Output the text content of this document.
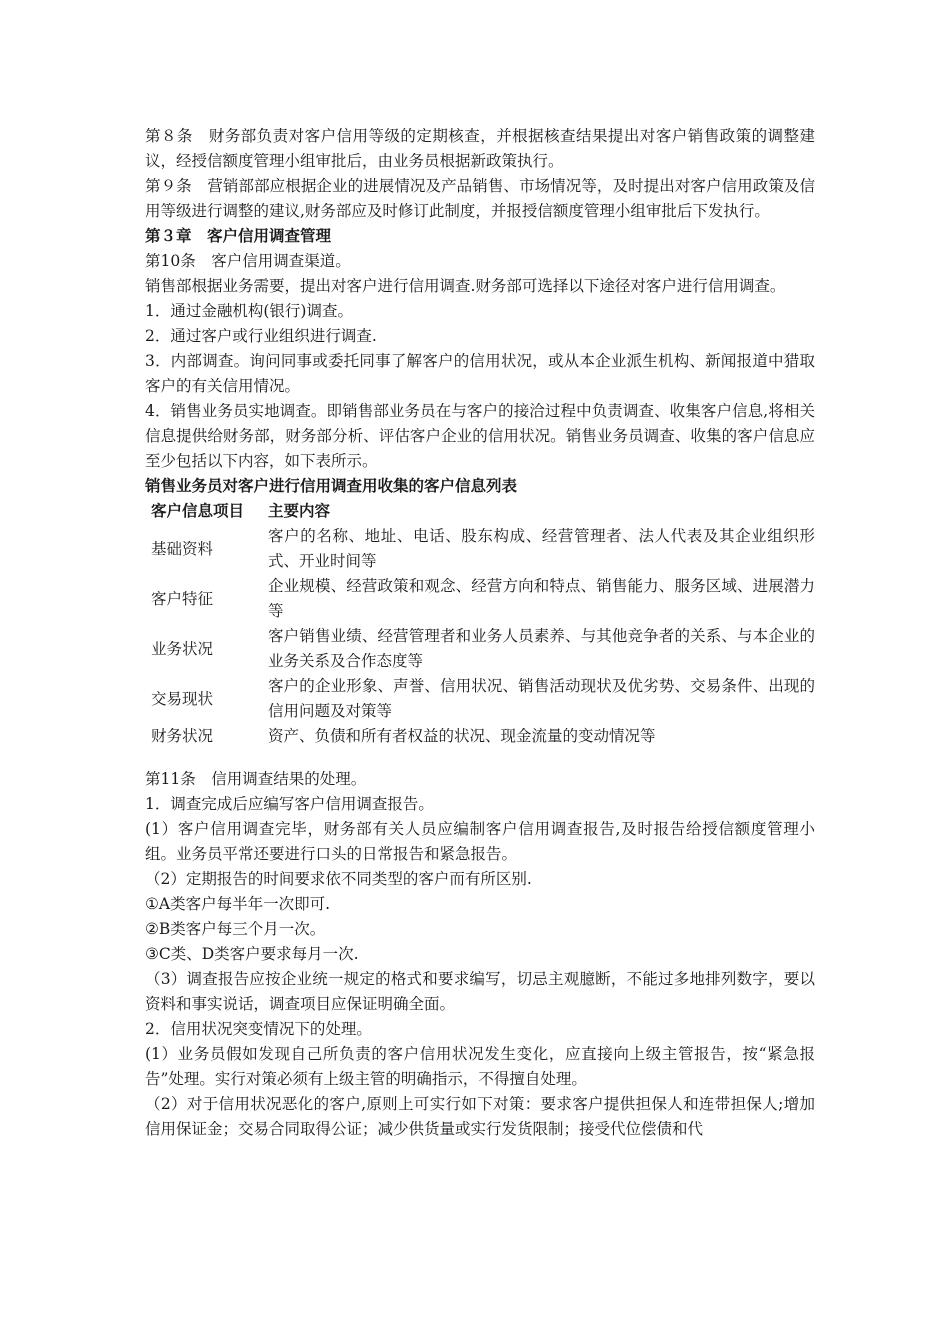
第８条　财务部负责对客户信用等级的定期核查，并根据核查结果提出对客户销售政策的调整建议，经授信额度管理小组审批后，由业务员根据新政策执行。

第９条　营销部部应根据企业的进展情况及产品销售、市场情况等，及时提出对客户信用政策及信用等级进行调整的建议,财务部应及时修订此制度，并报授信额度管理小组审批后下发执行。

第３章　客户信用调查管理

第10条　客户信用调查渠道。

销售部根据业务需要，提出对客户进行信用调查.财务部可选择以下途径对客户进行信用调查。

1．通过金融机构(银行)调查。

2．通过客户或行业组织进行调查.

3．内部调查。询问同事或委托同事了解客户的信用状况，或从本企业派生机构、新闻报道中猎取客户的有关信用情况。

4．销售业务员实地调查。即销售部业务员在与客户的接洽过程中负责调查、收集客户信息,将相关信息提供给财务部，财务部分析、评估客户企业的信用状况。销售业务员调查、收集的客户信息应至少包括以下内容，如下表所示。

销售业务员对客户进行信用调查用收集的客户信息列表

客户信息项目	主要内容
基础资料	客户的名称、地址、电话、股东构成、经营管理者、法人代表及其企业组织形式、开业时间等
客户特征	企业规模、经营政策和观念、经营方向和特点、销售能力、服务区域、进展潜力等
业务状况	客户销售业绩、经营管理者和业务人员素养、与其他竞争者的关系、与本企业的业务关系及合作态度等
交易现状	客户的企业形象、声誉、信用状况、销售活动现状及优劣势、交易条件、出现的信用问题及对策等
财务状况	资产、负债和所有者权益的状况、现金流量的变动情况等

第11条　信用调查结果的处理。

1．调查完成后应编写客户信用调查报告。

(1）客户信用调查完毕，财务部有关人员应编制客户信用调查报告,及时报告给授信额度管理小组。业务员平常还要进行口头的日常报告和紧急报告。

（2）定期报告的时间要求依不同类型的客户而有所区别.

①A类客户每半年一次即可.

②B类客户每三个月一次。

③C类、D类客户要求每月一次.

（3）调查报告应按企业统一规定的格式和要求编写，切忌主观臆断，不能过多地排列数字，要以资料和事实说话，调查项目应保证明确全面。

2．信用状况突变情况下的处理。

(1）业务员假如发现自己所负责的客户信用状况发生变化，应直接向上级主管报告，按“紧急报告”处理。实行对策必须有上级主管的明确指示，不得擅自处理。

（2）对于信用状况恶化的客户,原则上可实行如下对策：要求客户提供担保人和连带担保人;增加信用保证金；交易合同取得公证；减少供货量或实行发货限制；接受代位偿债和代
